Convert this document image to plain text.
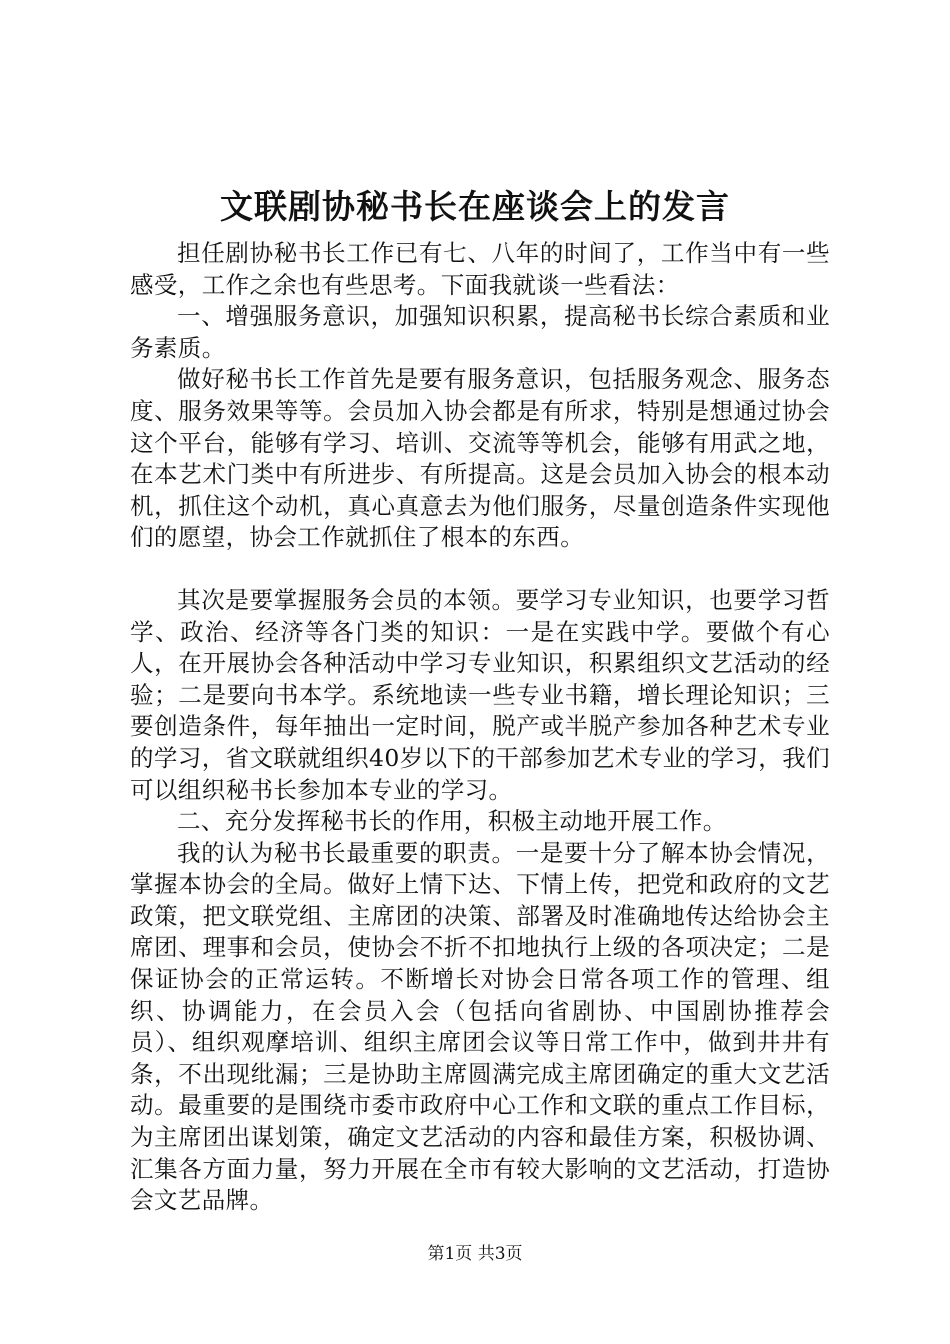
文联剧协秘书长在座谈会上的发言

担任剧协秘书长工作已有七、八年的时间了，工作当中有一些感受，工作之余也有些思考。下面我就谈一些看法：

一、增强服务意识，加强知识积累，提高秘书长综合素质和业务素质。

做好秘书长工作首先是要有服务意识，包括服务观念、服务态度、服务效果等等。会员加入协会都是有所求，特别是想通过协会这个平台，能够有学习、培训、交流等等机会，能够有用武之地，在本艺术门类中有所进步、有所提高。这是会员加入协会的根本动机，抓住这个动机，真心真意去为他们服务，尽量创造条件实现他们的愿望，协会工作就抓住了根本的东西。

其次是要掌握服务会员的本领。要学习专业知识，也要学习哲学、政治、经济等各门类的知识：一是在实践中学。要做个有心人，在开展协会各种活动中学习专业知识，积累组织文艺活动的经验；二是要向书本学。系统地读一些专业书籍，增长理论知识；三要创造条件，每年抽出一定时间，脱产或半脱产参加各种艺术专业的学习，省文联就组织40岁以下的干部参加艺术专业的学习，我们可以组织秘书长参加本专业的学习。

二、充分发挥秘书长的作用，积极主动地开展工作。

我的认为秘书长最重要的职责。一是要十分了解本协会情况，掌握本协会的全局。做好上情下达、下情上传，把党和政府的文艺政策，把文联党组、主席团的决策、部署及时准确地传达给协会主席团、理事和会员，使协会不折不扣地执行上级的各项决定；二是保证协会的正常运转。不断增长对协会日常各项工作的管理、组织、协调能力，在会员入会（包括向省剧协、中国剧协推荐会员）、组织观摩培训、组织主席团会议等日常工作中，做到井井有条，不出现纰漏；三是协助主席圆满完成主席团确定的重大文艺活动。最重要的是围绕市委市政府中心工作和文联的重点工作目标，为主席团出谋划策，确定文艺活动的内容和最佳方案，积极协调、汇集各方面力量，努力开展在全市有较大影响的文艺活动，打造协会文艺品牌。

第1页 共3页
